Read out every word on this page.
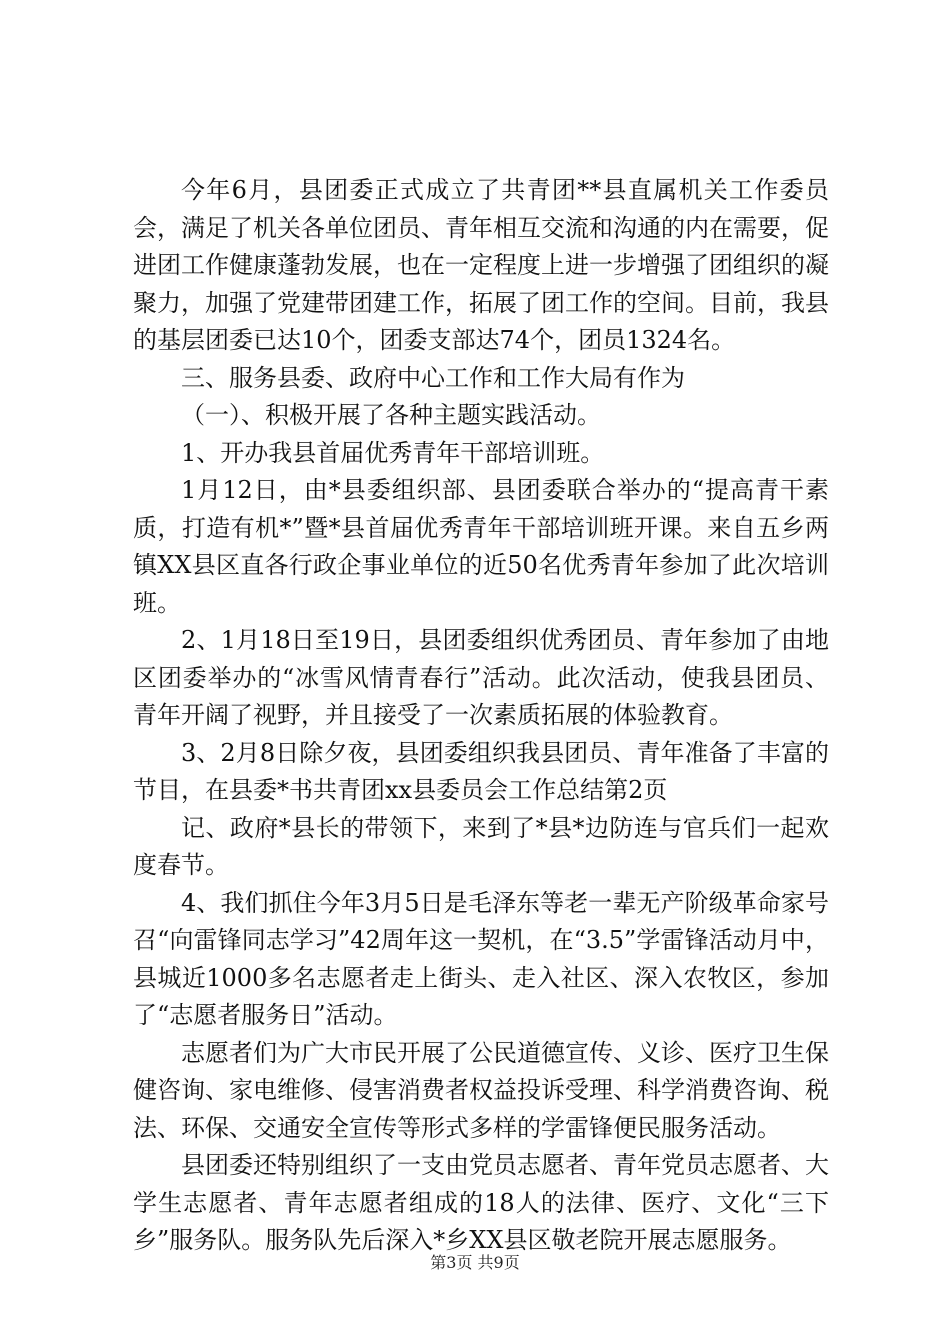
今年6月，县团委正式成立了共青团**县直属机关工作委员会，满足了机关各单位团员、青年相互交流和沟通的内在需要，促进团工作健康蓬勃发展，也在一定程度上进一步增强了团组织的凝聚力，加强了党建带团建工作，拓展了团工作的空间。目前，我县的基层团委已达10个，团委支部达74个，团员1324名。

三、服务县委、政府中心工作和工作大局有作为

（一）、积极开展了各种主题实践活动。

1、开办我县首届优秀青年干部培训班。

1月12日，由*县委组织部、县团委联合举办的“提高青干素质，打造有机*”暨*县首届优秀青年干部培训班开课。来自五乡两镇XX县区直各行政企事业单位的近50名优秀青年参加了此次培训班。

2、1月18日至19日，县团委组织优秀团员、青年参加了由地区团委举办的“冰雪风情青春行”活动。此次活动，使我县团员、青年开阔了视野，并且接受了一次素质拓展的体验教育。

3、2月8日除夕夜，县团委组织我县团员、青年准备了丰富的节目，在县委*书共青团xx县委员会工作总结第2页

记、政府*县长的带领下，来到了*县*边防连与官兵们一起欢度春节。

4、我们抓住今年3月5日是毛泽东等老一辈无产阶级革命家号召“向雷锋同志学习”42周年这一契机，在“3.5”学雷锋活动月中，县城近1000多名志愿者走上街头、走入社区、深入农牧区，参加了“志愿者服务日”活动。

志愿者们为广大市民开展了公民道德宣传、义诊、医疗卫生保健咨询、家电维修、侵害消费者权益投诉受理、科学消费咨询、税法、环保、交通安全宣传等形式多样的学雷锋便民服务活动。

县团委还特别组织了一支由党员志愿者、青年党员志愿者、大学生志愿者、青年志愿者组成的18人的法律、医疗、文化“三下乡”服务队。服务队先后深入*乡XX县区敬老院开展志愿服务。

第3页 共9页
